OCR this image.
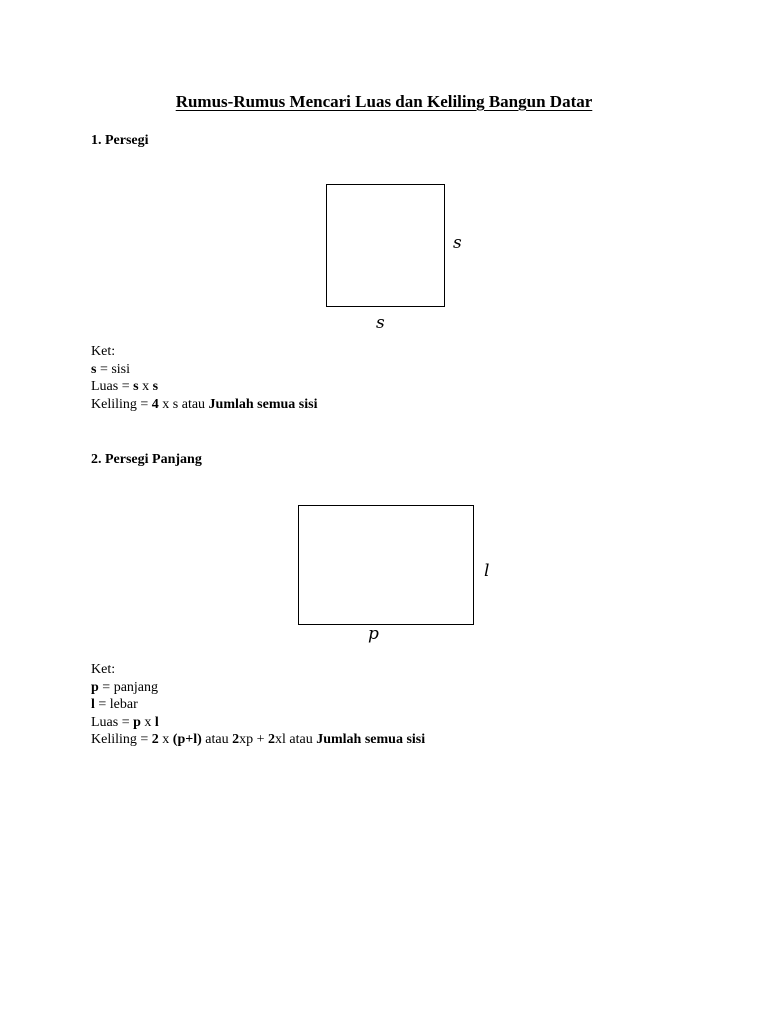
Rumus-Rumus Mencari Luas dan Keliling Bangun Datar
1. Persegi
s
s
Ket:
s = sisi
Luas = s x s
Keliling = 4 x s atau Jumlah semua sisi
2. Persegi Panjang
l
p
Ket:
p = panjang
l = lebar
Luas = p x l
Keliling = 2 x (p+l) atau 2xp + 2xl atau Jumlah semua sisi
